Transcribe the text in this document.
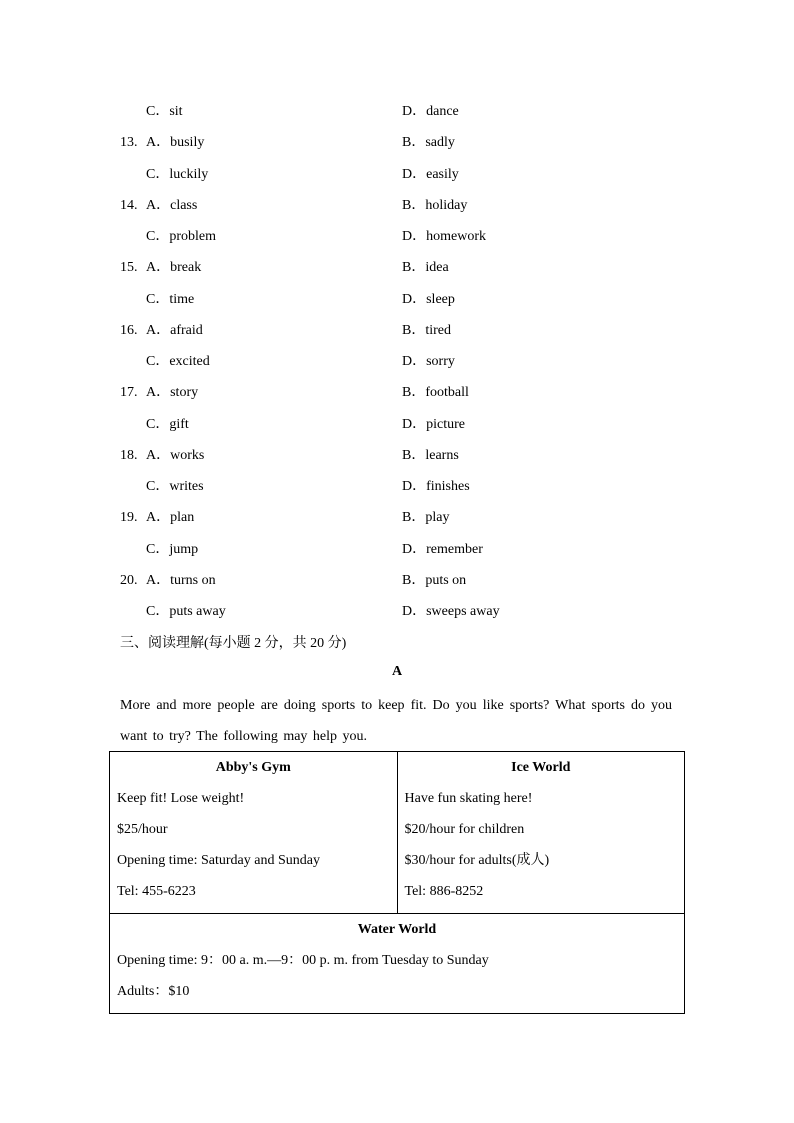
C．sit	D．dance
13. A．busily	B．sadly
C．luckily	D．easily
14. A．class	B．holiday
C．problem	D．homework
15. A．break	B．idea
C．time	D．sleep
16. A．afraid	B．tired
C．excited	D．sorry
17. A．story	B．football
C．gift	D．picture
18. A．works	B．learns
C．writes	D．finishes
19. A．plan	B．play
C．jump	D．remember
20. A．turns on	B．puts on
C．puts away	D．sweeps away
三、阅读理解(每小题 2 分，共 20 分)
A
More and more people are doing sports to keep fit. Do you like sports? What sports do you want to try? The following may help you.
Abby's Gym
Keep fit! Lose weight!
$25/hour
Opening time: Saturday and Sunday
Tel: 455-6223

Ice World
Have fun skating here!
$20/hour for children
$30/hour for adults(成人)
Tel: 886-8252

Water World
Opening time: 9：00 a. m.—9：00 p. m. from Tuesday to Sunday
Adults：$10
